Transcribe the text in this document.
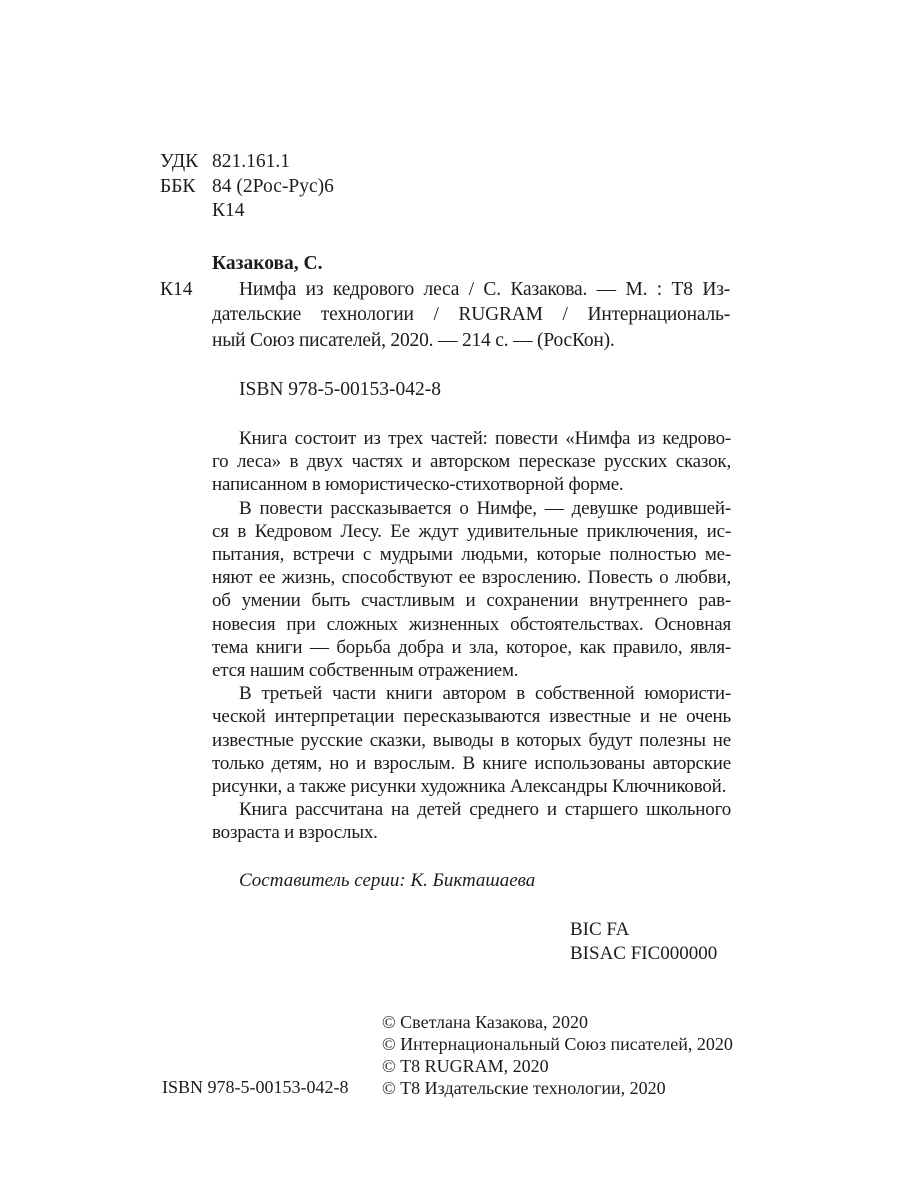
УДК 821.161.1
ББК 84 (2Рос-Рус)6
К14
Казакова, С.
К14	Нимфа из кедрового леса / С. Казакова. — М. : Т8 Из-
дательские технологии / RUGRAM / Интернациональ-
ный Союз писателей, 2020. — 214 с. — (РосКон).
ISBN 978-5-00153-042-8
Книга состоит из трех частей: повести «Нимфа из кедрово-
го леса» в двух частях и авторском пересказе русских сказок,
написанном в юмористическо-стихотворной форме.
В повести рассказывается о Нимфе, — девушке родившей-
ся в Кедровом Лесу. Ее ждут удивительные приключения, ис-
пытания, встречи с мудрыми людьми, которые полностью ме-
няют ее жизнь, способствуют ее взрослению. Повесть о любви,
об умении быть счастливым и сохранении внутреннего рав-
новесия при сложных жизненных обстоятельствах. Основная
тема книги — борьба добра и зла, которое, как правило, явля-
ется нашим собственным отражением.
В третьей части книги автором в собственной юмористи-
ческой интерпретации пересказываются известные и не очень
известные русские сказки, выводы в которых будут полезны не
только детям, но и взрослым. В книге использованы авторские
рисунки, а также рисунки художника Александры Ключниковой.
Книга рассчитана на детей среднего и старшего школьного
возраста и взрослых.
Составитель серии: К. Бикташаева
BIC FA
BISAC FIC000000
© Светлана Казакова, 2020
© Интернациональный Союз писателей, 2020
© Т8 RUGRAM, 2020
© Т8 Издательские технологии, 2020
ISBN 978-5-00153-042-8
